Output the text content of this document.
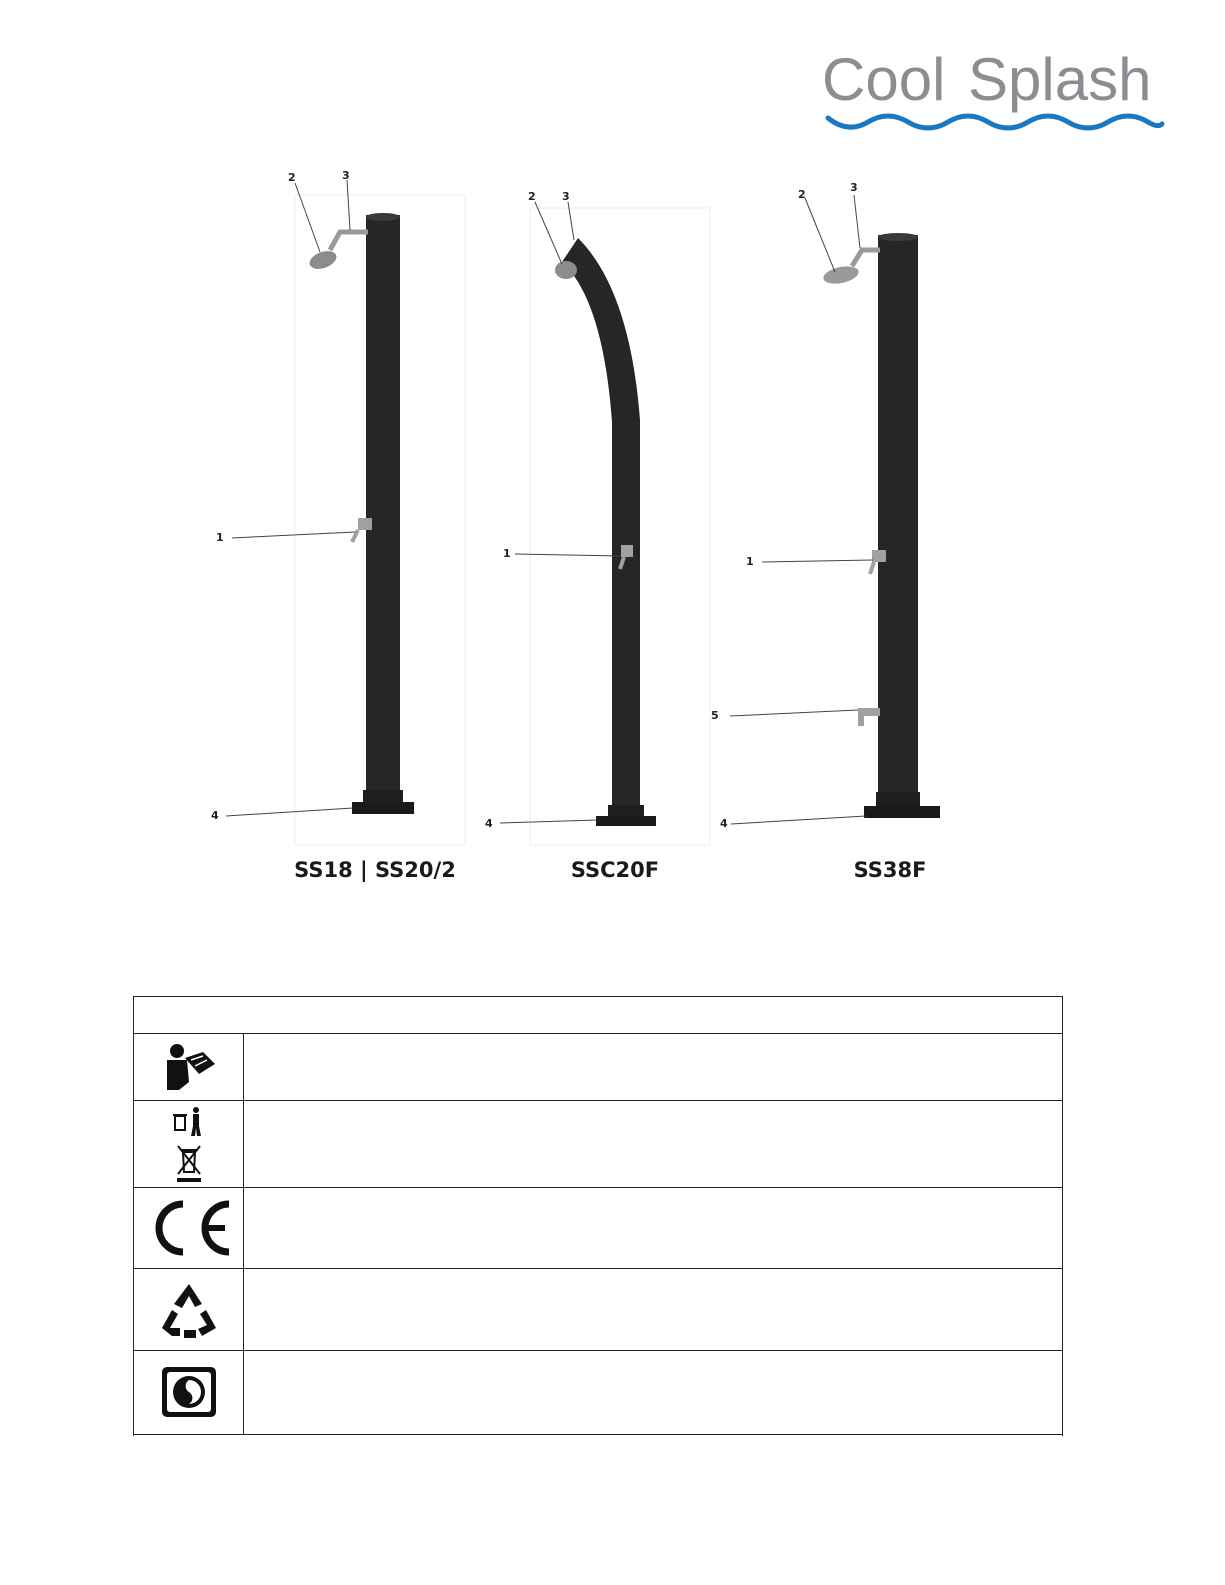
Cool Splash
1
2	3
4
1
2 3
4
1
2
3
4
5
SS18 | SS20/2	SSC20F	SS38F
